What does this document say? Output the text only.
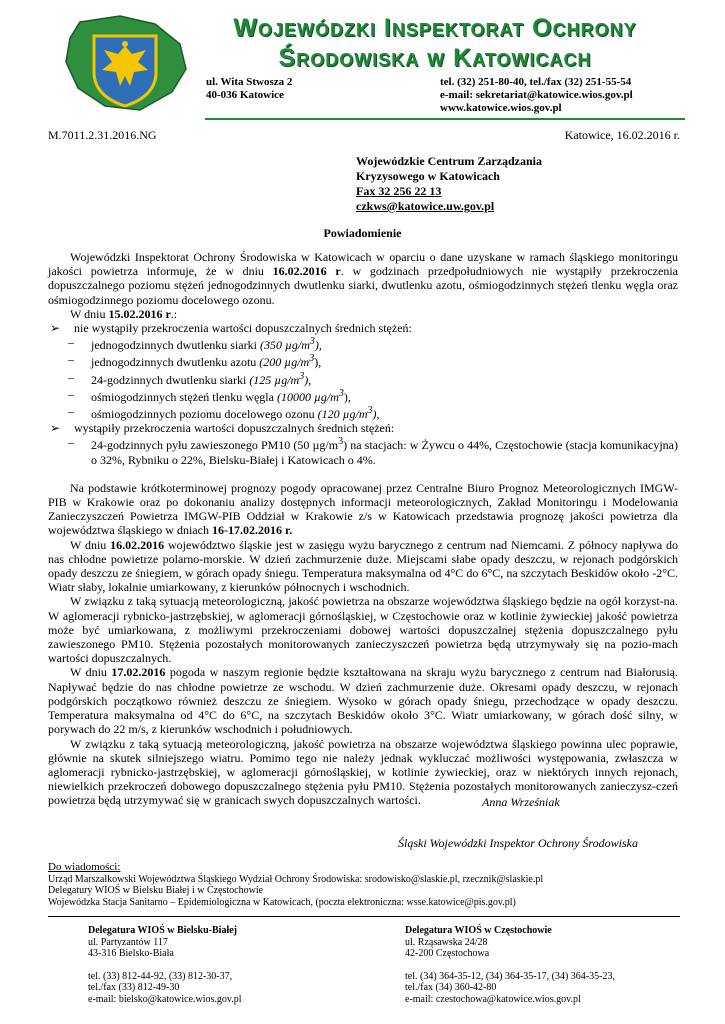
Wojewódzki Inspektorat Ochrony
Środowiska w Katowicach
ul. Wita Stwosza 2
40-036 Katowice
tel. (32) 251-80-40, tel./fax (32) 251-55-54
e-mail: sekretariat@katowice.wios.gov.pl
www.katowice.wios.gov.pl
M.7011.2.31.2016.NG	Katowice, 16.02.2016 r.
Wojewódzkie Centrum Zarządzania
Kryzysowego w Katowicach
Fax 32 256 22 13
czkws@katowice.uw.gov.pl
Powiadomienie

Wojewódzki Inspektorat Ochrony Środowiska w Katowicach w oparciu o dane uzyskane w ramach śląskiego monitoringu jakości powietrza informuje, że w dniu 16.02.2016 r. w godzinach przedpołudniowych nie wystąpiły przekroczenia dopuszczalnego poziomu stężeń jednogodzinnych dwutlenku siarki, dwutlenku azotu, ośmiogodzinnych stężeń tlenku węgla oraz ośmiogodzinnego poziomu docelowego ozonu.

W dniu 15.02.2016 r.:

➢ nie wystąpiły przekroczenia wartości dopuszczalnych średnich stężeń:
– jednogodzinnych dwutlenku siarki (350 $\mu g/m^3$),
– jednogodzinnych dwutlenku azotu (200 $\mu g/m^3$),
– 24-godzinnych dwutlenku siarki (125 $\mu g/m^3$),
– ośmiogodzinnych stężeń tlenku węgla (10000 $\mu g/m^3$),
– ośmiogodzinnych poziomu docelowego ozonu (120 $\mu g/m^3$),
➢ wystąpiły przekroczenia wartości dopuszczalnych średnich stężeń:
– 24-godzinnych pyłu zawieszonego PM10 (50 $\mu g/m^3$) na stacjach: w Żywcu o 44%, Częstochowie (stacja komunikacyjna) o 32%, Rybniku o 22%, Bielsku-Białej i Katowicach o 4%.

Na podstawie krótkoterminowej prognozy pogody opracowanej przez Centralne Biuro Prognoz Meteorologicznych IMGW-PIB w Krakowie oraz po dokonaniu analizy dostępnych informacji meteorologicznych, Zakład Monitoringu i Modelowania Zanieczyszczeń Powietrza IMGW-PIB Oddział w Krakowie z/s w Katowicach przedstawia prognozę jakości powietrza dla województwa śląskiego w dniach 16-17.02.2016 r.

W dniu 16.02.2016 województwo śląskie jest w zasięgu wyżu barycznego z centrum nad Niemcami. Z północy napływa do nas chłodne powietrze polarno-morskie. W dzień zachmurzenie duże. Miejscami słabe opady deszczu, w rejonach podgórskich opady deszczu ze śniegiem, w górach opady śniegu. Temperatura maksymalna od 4°C do 6°C, na szczytach Beskidów około -2°C. Wiatr słaby, lokalnie umiarkowany, z kierunków północnych i wschodnich.

W związku z taką sytuacją meteorologiczną, jakość powietrza na obszarze województwa śląskiego będzie na ogół korzyst-na. W aglomeracji rybnicko-jastrzębskiej, w aglomeracji górnośląskiej, w Częstochowie oraz w kotlinie żywieckiej jakość powietrza może być umiarkowana, z możliwymi przekroczeniami dobowej wartości dopuszczalnej stężenia dopuszczalnego pyłu zawieszonego PM10. Stężenia pozostałych monitorowanych zanieczyszczeń powietrza będą utrzymywały się na pozio-mach wartości dopuszczalnych.

W dniu 17.02.2016 pogoda w naszym regionie będzie kształtowana na skraju wyżu barycznego z centrum nad Białorusią. Napływać będzie do nas chłodne powietrze ze wschodu. W dzień zachmurzenie duże. Okresami opady deszczu, w rejonach podgórskich początkowo również deszczu ze śniegiem. Wysoko w górach opady śniegu, przechodzące w opady deszczu. Temperatura maksymalna od 4°C do 6°C, na szczytach Beskidów około 3°C. Wiatr umiarkowany, w górach dość silny, w porywach do 22 m/s, z kierunków wschodnich i południowych.

W związku z taką sytuacją meteorologiczną, jakość powietrza na obszarze województwa śląskiego powinna ulec poprawie, głównie na skutek silniejszego wiatru. Pomimo tego nie należy jednak wykluczać możliwości występowania, zwłaszcza w aglomeracji rybnicko-jastrzębskiej, w aglomeracji górnośląskiej, w kotlinie żywieckiej, oraz w niektórych innych rejonach, niewielkich przekroczeń dobowego dopuszczalnego stężenia pyłu PM10. Stężenia pozostałych monitorowanych zanieczysz-czeń powietrza będą utrzymywać się w granicach swych dopuszczalnych wartości.	Anna Wrześniak
Śląski Wojewódzki Inspektor Ochrony Środowiska
Do wiadomości:
Urząd Marszałkowski Województwa Śląskiego Wydział Ochrony Środowiska: srodowisko@slaskie.pl, rzecznik@slaskie.pl
Delegatury WIOŚ w Bielsku Białej i w Częstochowie
Wojewódzka Stacja Sanitarno – Epidemiologiczna w Katowicach, (poczta elektroniczna: wsse.katowice@pis.gov.pl)
Delegatura WIOŚ w Bielsku-Białej
ul. Partyzantów 117
43-316 Bielsko-Biała
tel. (33) 812-44-92, (33) 812-30-37,
tel./fax (33) 812-49-30
e-mail: bielsko@katowice.wios.gov.pl
Delegatura WIOŚ w Częstochowie
ul. Rząsawska 24/28
42-200 Częstochowa
tel. (34) 364-35-12, (34) 364-35-17, (34) 364-35-23,
tel./fax (34) 360-42-80
e-mail: czestochowa@katowice.wios.gov.pl
